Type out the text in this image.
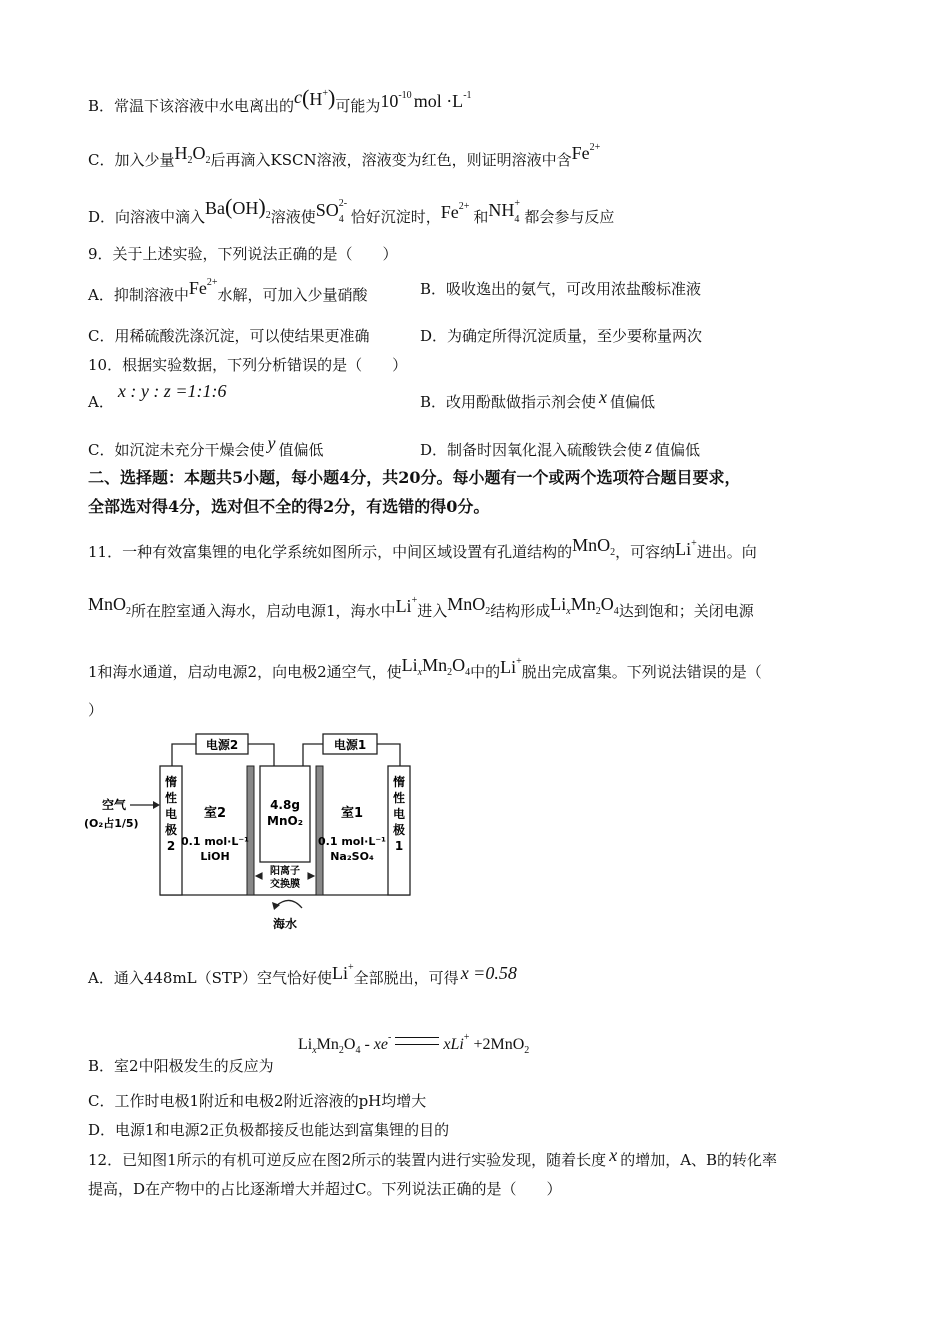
B．常温下该溶液中水电离出的c(H+)可能为$10^{-10}$ mol $\cdot L^{-1}$
C．加入少量$H_2O_2$后再滴入KSCN溶液，溶液变为红色，则证明溶液中含$Fe^{2+}$
D．向溶液中滴入Ba(OH)$^2$溶液使SO 2-
4 恰好沉淀时，$Fe^{2+}$和NH +
4 都会参与反应
9．关于上述实验，下列说法正确的是（　　）
A．抑制溶液中$Fe^{2+}$水解，可加入少量硝酸	B．吸收逸出的氨气，可改用浓盐酸标准液
C．用稀硫酸洗涤沉淀，可以使结果更准确	D．为确定所得沉淀质量，至少要称量两次
10．根据实验数据，下列分析错误的是（　　）
A．x : y : z =1:1:6
B．改用酚酞做指示剂会使 x 值偏低
C．如沉淀未充分干燥会使 y 值偏低	D．制备时因氧化混入硫酸铁会使 z 值偏低
二、选择题：本题共5小题，每小题4分，共20分。每小题有一个或两个选项符合题目要求，
全部选对得4分，选对但不全的得2分，有选错的得0分。
11．一种有效富集锂的电化学系统如图所示，中间区域设置有孔道结构的MnO$_2$，可容纳Li+进出。向
MnO$_2$所在腔室通入海水，启动电源1，海水中Li+进入MnO$_2$结构形成$Li_xMn_2O_4$达到饱和；关闭电源
1和海水通道，启动电源2，向电极2通空气，使$Li_xMn_2O_4$中的Li+脱出完成富集。下列说法错误的是（
）
电源2	电源1
惰
性
电
极
2
惰
性
电
极
1
4.8g
MnO₂
室2
0.1 mol·L⁻¹
LiOH
室1
0.1 mol·L⁻¹
Na₂SO₄
空气
(O₂占1/5)
阳离子
交换膜
海水
A．通入448mL（STP）空气恰好使Li+全部脱出，可得 x =0.58
$Li_xMn_2O_4 - xe^-$	xLi+ +2MnO$_2$
B．室2中阳极发生的反应为
C．工作时电极1附近和电极2附近溶液的pH均增大
D．电源1和电源2正负极都接反也能达到富集锂的目的
12．已知图1所示的有机可逆反应在图2所示的装置内进行实验发现，随着长度 x 的增加，A、B的转化率
提高，D在产物中的占比逐渐增大并超过C。下列说法正确的是（　　）
